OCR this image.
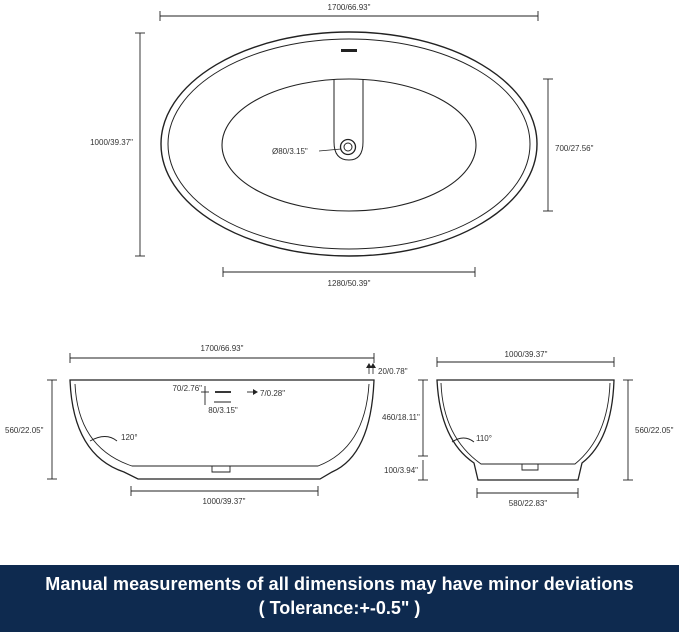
1700/66.93"
1000/39.37"
700/27.56"
1280/50.39"
Ø80/3.15"
1700/66.93"
20/0.78"
70/2.76"
7/0.28"
80/3.15"
560/22.05"
120°
1000/39.37"
1000/39.37"
460/18.11"
560/22.05"
110°
100/3.94"
580/22.83"
Manual measurements of all dimensions may have minor deviations
( Tolerance:+-0.5" )
